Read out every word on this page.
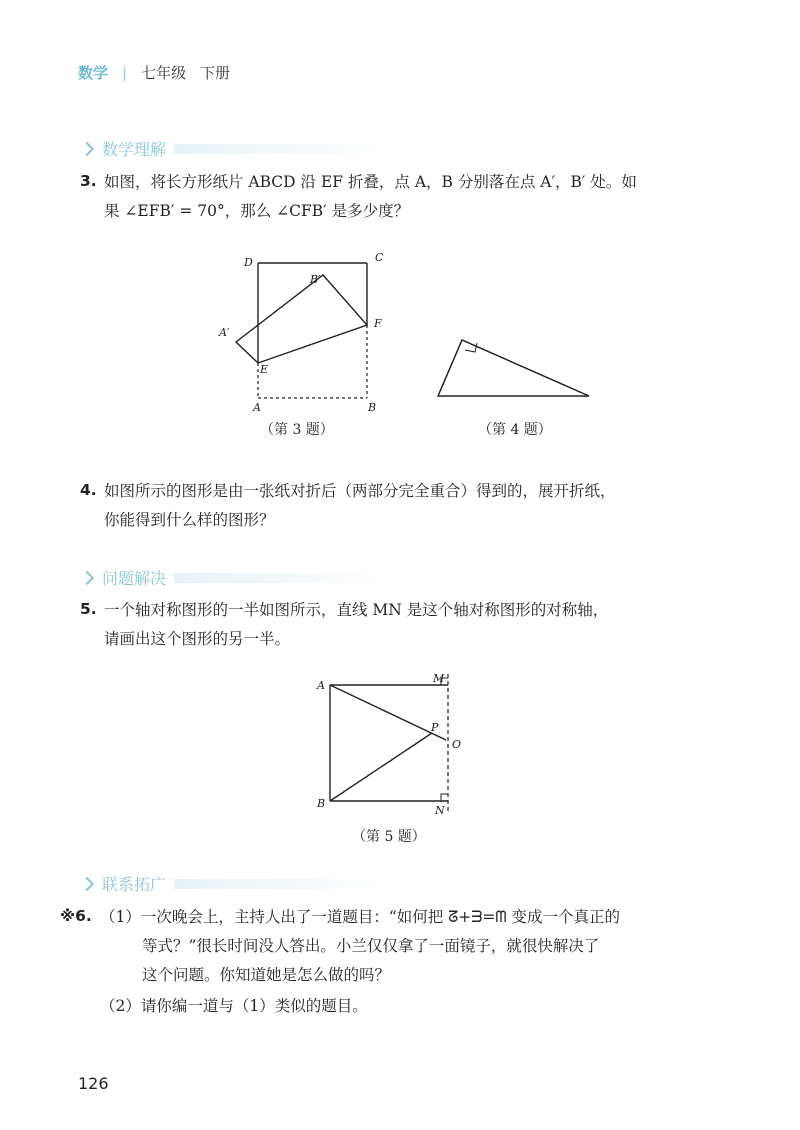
数学 | 七年级 下册
数学理解
3. 如图，将长方形纸片 ABCD 沿 EF 折叠，点 A，B 分别落在点 A′，B′ 处。如
果 ∠EFB′ = 70°，那么 ∠CFB′ 是多少度？
D	C
B′
F
A′
E
A	B
（第 3 题）	（第 4 题）
4. 如图所示的图形是由一张纸对折后（两部分完全重合）得到的，展开折纸，
你能得到什么样的图形？
问题解决
5. 一个轴对称图形的一半如图所示，直线 MN 是这个轴对称图形的对称轴，
请画出这个图形的另一半。
A
B
M
N
P
O
（第 5 题）
联系拓广
※6. （1）一次晚会上，主持人出了一道题目：“如何把 ᘔ+ᗱ=ᗰ 变成一个真正的
等式？”很长时间没人答出。小兰仅仅拿了一面镜子，就很快解决了
这个问题。你知道她是怎么做的吗？
（2）请你编一道与（1）类似的题目。
126
